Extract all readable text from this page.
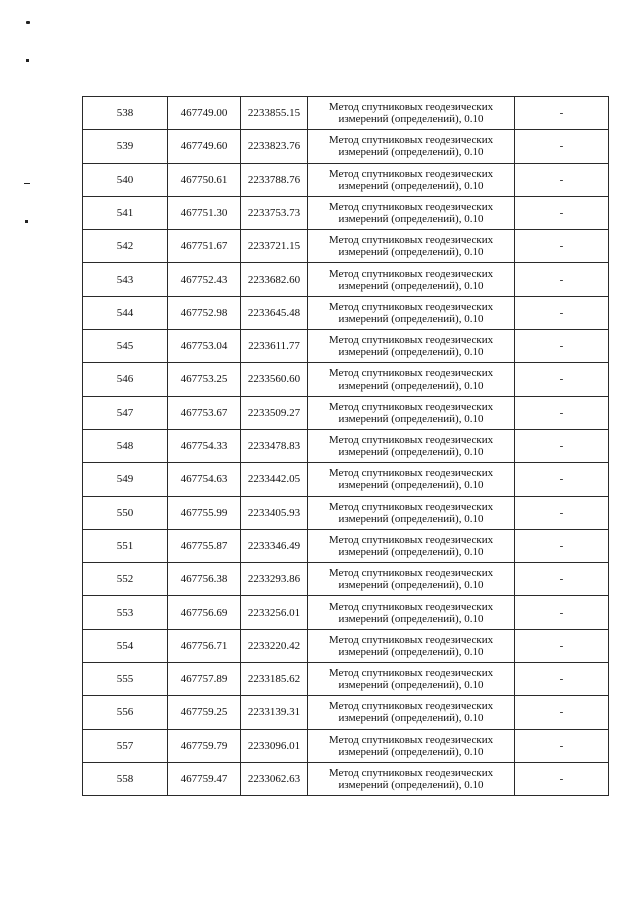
538	467749.00	2233855.15	Метод спутниковых геодезических
измерений (определений), 0.10	-
539	467749.60	2233823.76	Метод спутниковых геодезических
измерений (определений), 0.10	-
540	467750.61	2233788.76	Метод спутниковых геодезических
измерений (определений), 0.10	-
541	467751.30	2233753.73	Метод спутниковых геодезических
измерений (определений), 0.10	-
542	467751.67	2233721.15	Метод спутниковых геодезических
измерений (определений), 0.10	-
543	467752.43	2233682.60	Метод спутниковых геодезических
измерений (определений), 0.10	-
544	467752.98	2233645.48	Метод спутниковых геодезических
измерений (определений), 0.10	-
545	467753.04	2233611.77	Метод спутниковых геодезических
измерений (определений), 0.10	-
546	467753.25	2233560.60	Метод спутниковых геодезических
измерений (определений), 0.10	-
547	467753.67	2233509.27	Метод спутниковых геодезических
измерений (определений), 0.10	-
548	467754.33	2233478.83	Метод спутниковых геодезических
измерений (определений), 0.10	-
549	467754.63	2233442.05	Метод спутниковых геодезических
измерений (определений), 0.10	-
550	467755.99	2233405.93	Метод спутниковых геодезических
измерений (определений), 0.10	-
551	467755.87	2233346.49	Метод спутниковых геодезических
измерений (определений), 0.10	-
552	467756.38	2233293.86	Метод спутниковых геодезических
измерений (определений), 0.10	-
553	467756.69	2233256.01	Метод спутниковых геодезических
измерений (определений), 0.10	-
554	467756.71	2233220.42	Метод спутниковых геодезических
измерений (определений), 0.10	-
555	467757.89	2233185.62	Метод спутниковых геодезических
измерений (определений), 0.10	-
556	467759.25	2233139.31	Метод спутниковых геодезических
измерений (определений), 0.10	-
557	467759.79	2233096.01	Метод спутниковых геодезических
измерений (определений), 0.10	-
558	467759.47	2233062.63	Метод спутниковых геодезических
измерений (определений), 0.10	-
